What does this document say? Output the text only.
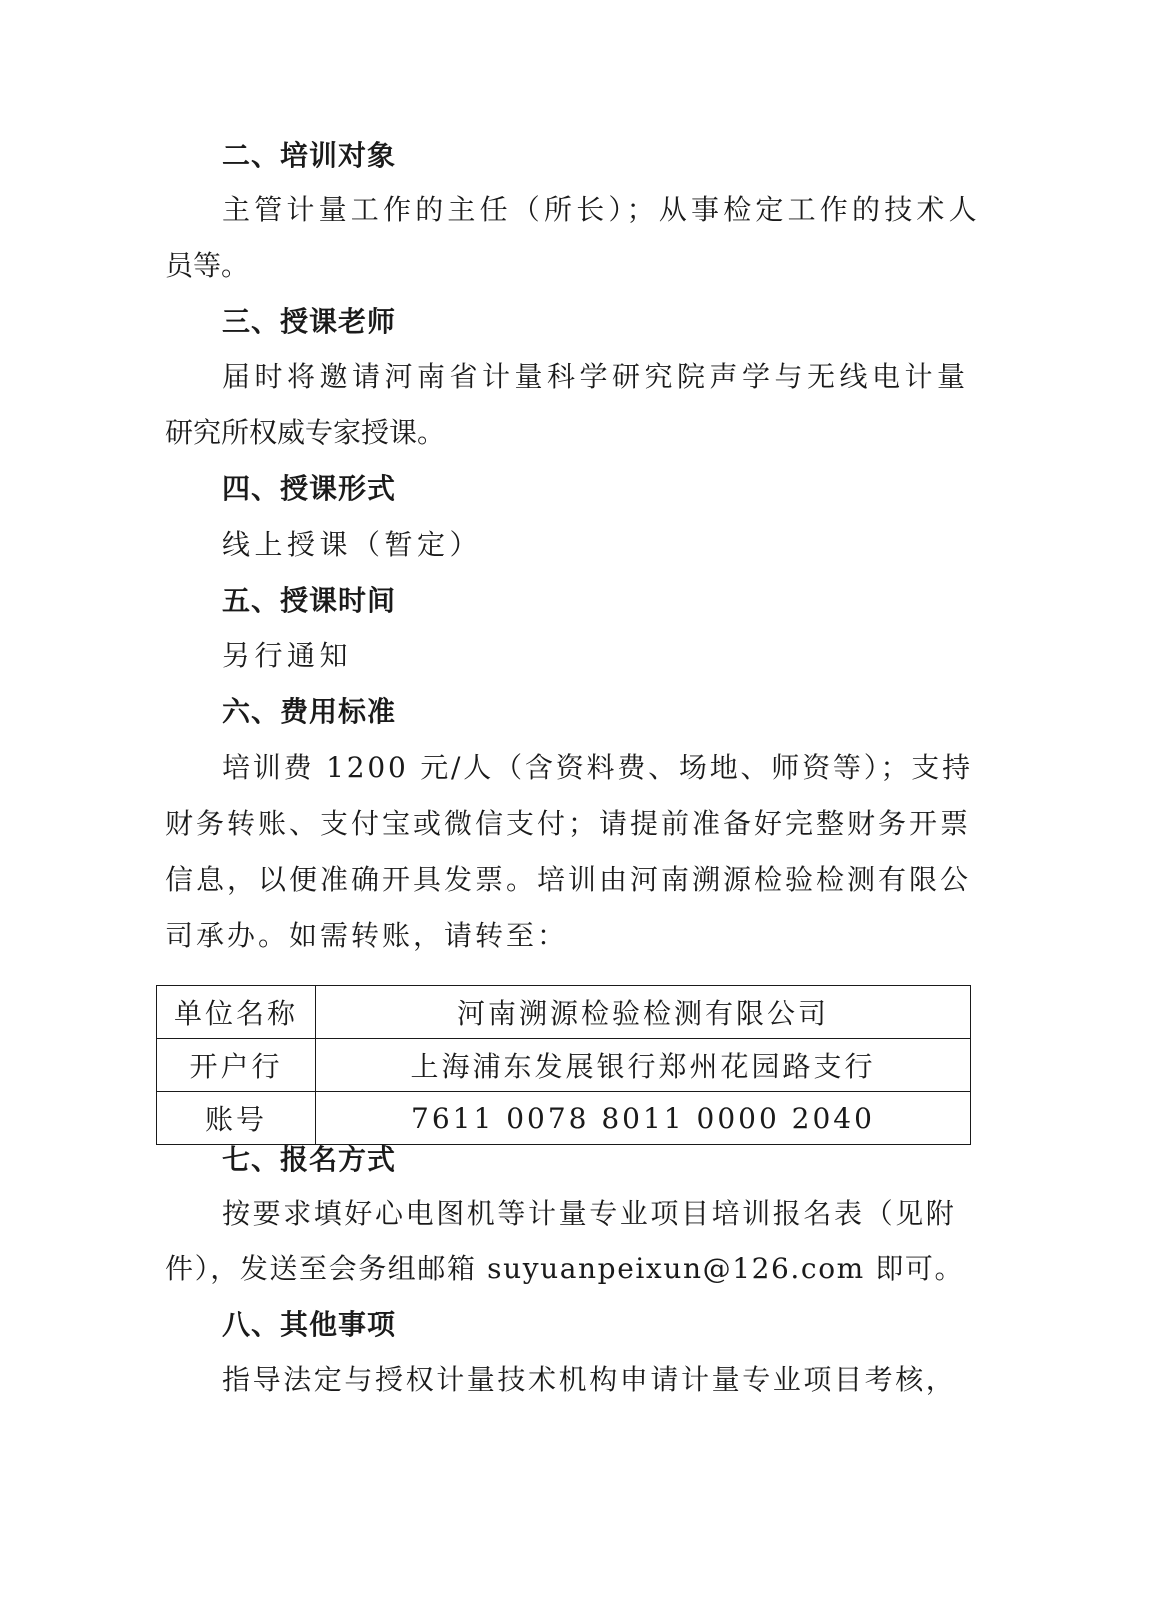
二、培训对象
主管计量工作的主任（所长）；从事检定工作的技术人
员等。
三、授课老师
届时将邀请河南省计量科学研究院声学与无线电计量
研究所权威专家授课。
四、授课形式
线上授课（暂定）
五、授课时间
另行通知
六、费用标准
培训费 1200 元/人（含资料费、场地、师资等）；支持
财务转账、支付宝或微信支付；请提前准备好完整财务开票
信息，以便准确开具发票。培训由河南溯源检验检测有限公
司承办。如需转账，请转至：
单位名称	河南溯源检验检测有限公司
开户行	上海浦东发展银行郑州花园路支行
账号	7611 0078 8011 0000 2040
七、报名方式
按要求填好心电图机等计量专业项目培训报名表（见附
件），发送至会务组邮箱 suyuanpeixun@126.com 即可。
八、其他事项
指导法定与授权计量技术机构申请计量专业项目考核，
